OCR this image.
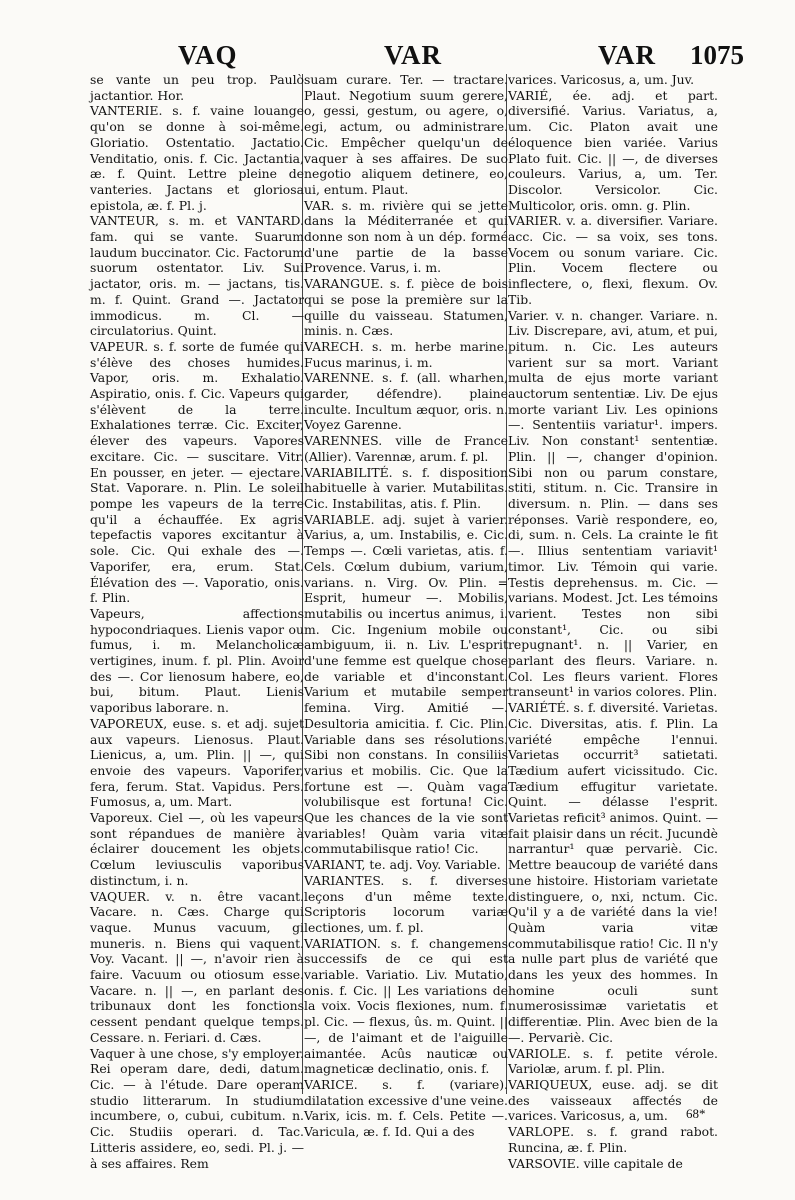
VAQ	VAR	VAR 1075

se vante un peu trop. Paulò jactantior. Hor.

VANTERIE. s. f. vaine louange qu'on se donne à soi-même. Gloriatio. Ostentatio. Jactatio. Venditatio, onis. f. Cic. Jactantia, æ. f. Quint. Lettre pleine de vanteries. Jactans et gloriosa epistola, æ. f. Pl. j.

VANTEUR, s. m. et VANTARD. fam. qui se vante. Suarum laudum buccinator. Cic. Factorum suorum ostentator. Liv. Sui jactator, oris. m. — jactans, tis. m. f. Quint. Grand —. Jactator immodicus. m. Cl. — circulatorius. Quint.

VAPEUR. s. f. sorte de fumée qui s'élève des choses humides. Vapor, oris. m. Exhalatio. Aspiratio, onis. f. Cic. Vapeurs qui s'élèvent de la terre. Exhalationes terræ. Cic. Exciter, élever des vapeurs. Vapores excitare. Cic. — suscitare. Vitr. En pousser, en jeter. — ejectare. Stat. Vaporare. n. Plin. Le soleil pompe les vapeurs de la terre qu'il a échauffée. Ex agris tepefactis vapores excitantur à sole. Cic. Qui exhale des —. Vaporifer, era, erum. Stat. Élévation des —. Vaporatio, onis. f. Plin.

Vapeurs, affections hypocondriaques. Lienis vapor ou fumus, i. m. Melancholicæ vertigines, inum. f. pl. Plin. Avoir des —. Cor lienosum habere, eo, bui, bitum. Plaut. Lienis vaporibus laborare. n.

VAPOREUX, euse. s. et adj. sujet aux vapeurs. Lienosus. Plaut. Lienicus, a, um. Plin. || —, qui envoie des vapeurs. Vaporifer, fera, ferum. Stat. Vapidus. Pers. Fumosus, a, um. Mart.

Vaporeux. Ciel —, où les vapeurs sont répandues de manière à éclairer doucement les objets. Cœlum leviusculis vaporibus distinctum, i. n.

VAQUER. v. n. être vacant. Vacare. n. Cæs. Charge qui vaque. Munus vacuum, gi muneris. n. Biens qui vaquent. Voy. Vacant. || —, n'avoir rien à faire. Vacuum ou otiosum esse. Vacare. n. || —, en parlant des tribunaux dont les fonctions cessent pendant quelque temps. Cessare. n. Feriari. d. Cæs.

Vaquer à une chose, s'y employer. Rei operam dare, dedi, datum. Cic. — à l'étude. Dare operam studio litterarum. In studium incumbere, o, cubui, cubitum. n. Cic. Studiis operari. d. Tac. Litteris assidere, eo, sedi. Pl. j. — à ses affaires. Rem

suam curare. Ter. — tractare. Plaut. Negotium suum gerere, o, gessi, gestum, ou agere, o, egi, actum, ou administrare. Cic. Empêcher quelqu'un de vaquer à ses affaires. De suo negotio aliquem detinere, eo, ui, entum. Plaut.

VAR. s. m. rivière qui se jette dans la Méditerranée et qui donne son nom à un dép. formé d'une partie de la basse Provence. Varus, i. m.

VARANGUE. s. f. pièce de bois qui se pose la première sur la quille du vaisseau. Statumen, minis. n. Cæs.

VARECH. s. m. herbe marine. Fucus marinus, i. m.

VARENNE. s. f. (all. wharhen, garder, défendre). plaine inculte. Incultum æquor, oris. n. Voyez Garenne.

VARENNES. ville de France (Allier). Varennæ, arum. f. pl.

VARIABILITÉ. s. f. disposition habituelle à varier. Mutabilitas. Cic. Instabilitas, atis. f. Plin.

VARIABLE. adj. sujet à varier. Varius, a, um. Instabilis, e. Cic. Temps —. Cœli varietas, atis. f. Cels. Cœlum dubium, varium, varians. n. Virg. Ov. Plin. = Esprit, humeur —. Mobilis, mutabilis ou incertus animus, i. m. Cic. Ingenium mobile ou ambiguum, ii. n. Liv. L'esprit d'une femme est quelque chose de variable et d'inconstant. Varium et mutabile semper femina. Virg. Amitié —. Desultoria amicitia. f. Cic. Plin. Variable dans ses résolutions. Sibi non constans. In consiliis varius et mobilis. Cic. Que la fortune est —. Quàm vaga volubilisque est fortuna! Cic. Que les chances de la vie sont variables! Quàm varia vitæ commutabilisque ratio! Cic.

VARIANT, te. adj. Voy. Variable.

VARIANTES. s. f. diverses leçons d'un même texte. Scriptoris locorum variæ lectiones, um. f. pl.

VARIATION. s. f. changemens successifs de ce qui est variable. Variatio. Liv. Mutatio, onis. f. Cic. || Les variations de la voix. Vocis flexiones, num. f. pl. Cic. — flexus, ûs. m. Quint. || —, de l'aimant et de l'aiguille aimantée. Acûs nauticæ ou magneticæ declinatio, onis. f.

VARICE. s. f. (variare). dilatation excessive d'une veine. Varix, icis. m. f. Cels. Petite —. Varicula, æ. f. Id. Qui a des

varices. Varicosus, a, um. Juv.

VARIÉ, ée. adj. et part. diversifié. Varius. Variatus, a, um. Cic. Platon avait une éloquence bien variée. Varius Plato fuit. Cic. || —, de diverses couleurs. Varius, a, um. Ter. Discolor. Versicolor. Cic. Multicolor, oris. omn. g. Plin.

VARIER. v. a. diversifier. Variare. acc. Cic. — sa voix, ses tons. Vocem ou sonum variare. Cic. Plin. Vocem flectere ou inflectere, o, flexi, flexum. Ov. Tib.

Varier. v. n. changer. Variare. n. Liv. Discrepare, avi, atum, et pui, pitum. n. Cic. Les auteurs varient sur sa mort. Variant multa de ejus morte variant auctorum sententiæ. Liv. De ejus morte variant Liv. Les opinions —. Sententiis variatur¹. impers. Liv. Non constant¹ sententiæ. Plin. || —, changer d'opinion. Sibi non ou parum constare, stiti, stitum. n. Cic. Transire in diversum. n. Plin. — dans ses réponses. Variè respondere, eo, di, sum. n. Cels. La crainte le fit —. Illius sententiam variavit¹ timor. Liv. Témoin qui varie. Testis deprehensus. m. Cic. — varians. Modest. Jct. Les témoins varient. Testes non sibi constant¹, Cic. ou sibi repugnant¹. n. || Varier, en parlant des fleurs. Variare. n. Col. Les fleurs varient. Flores transeunt¹ in varios colores. Plin.

VARIÉTÉ. s. f. diversité. Varietas. Cic. Diversitas, atis. f. Plin. La variété empêche l'ennui. Varietas occurrit³ satietati. Tædium aufert vicissitudo. Cic. Tædium effugitur varietate. Quint. — délasse l'esprit. Varietas reficit³ animos. Quint. — fait plaisir dans un récit. Jucundè narrantur¹ quæ pervariè. Cic. Mettre beaucoup de variété dans une histoire. Historiam varietate distinguere, o, nxi, nctum. Cic. Qu'il y a de variété dans la vie! Quàm varia vitæ commutabilisque ratio! Cic. Il n'y a nulle part plus de variété que dans les yeux des hommes. In homine oculi sunt numerosissimæ varietatis et differentiæ. Plin. Avec bien de la —. Pervariè. Cic.

VARIOLE. s. f. petite vérole. Variolæ, arum. f. pl. Plin.

VARIQUEUX, euse. adj. se dit des vaisseaux affectés de varices. Varicosus, a, um.

VARLOPE. s. f. grand rabot. Runcina, æ. f. Plin.

VARSOVIE. ville capitale de

68*
